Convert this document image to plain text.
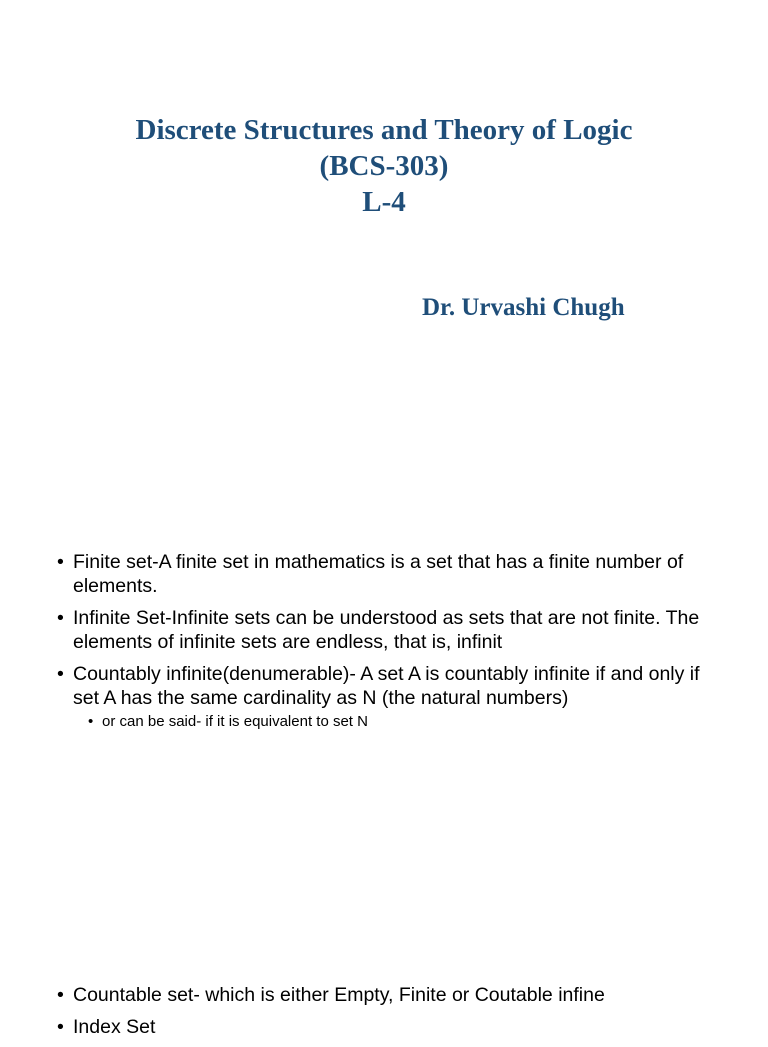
Discrete Structures and Theory of Logic
(BCS-303)
L-4
Dr. Urvashi Chugh
• Finite set-A finite set in mathematics is a set that has a finite number of elements.
• Infinite Set-Infinite sets can be understood as sets that are not finite. The elements of infinite sets are endless, that is, infinit
• Countably infinite(denumerable)- A set A is countably infinite if and only if set A has the same cardinality as N (the natural numbers)
• or can be said- if it is equivalent to set N
• Countable set- which is either Empty, Finite or Coutable infine
• Index Set
